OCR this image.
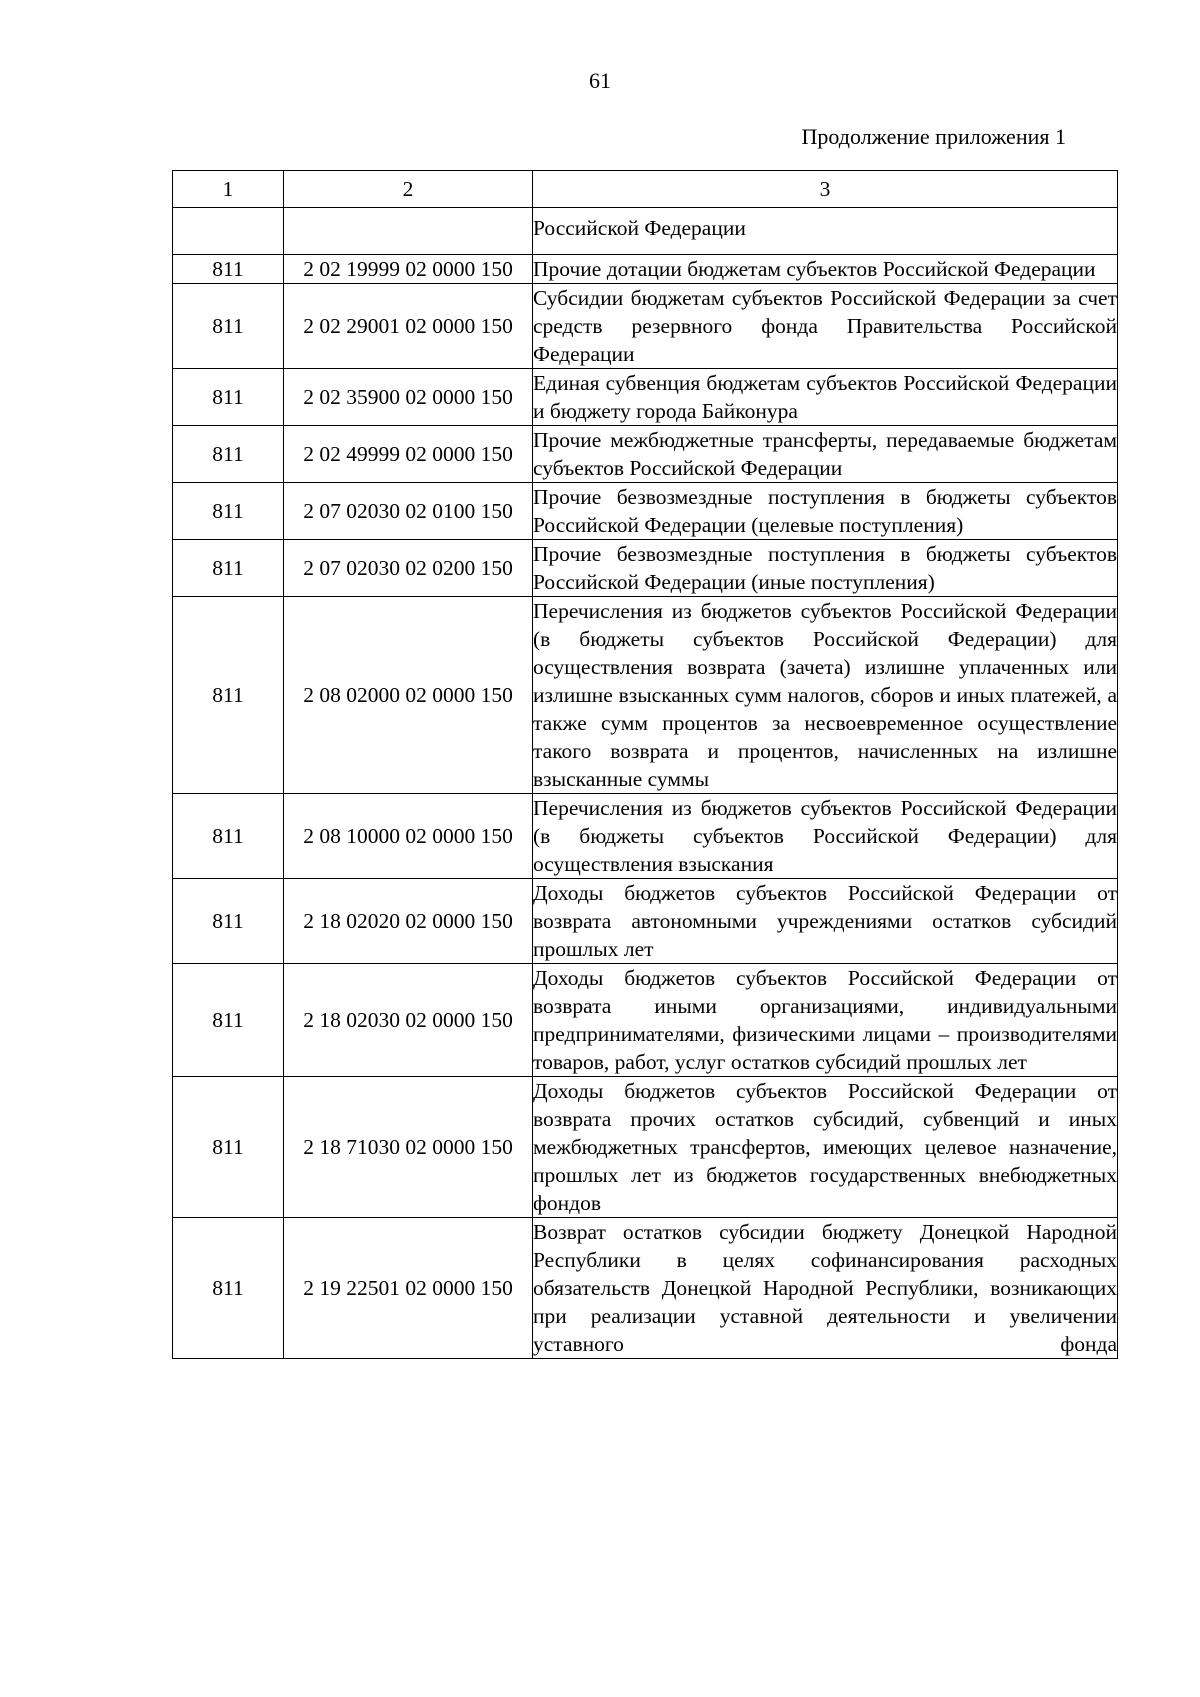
61
Продолжение приложения 1
1	2	3
		Российской Федерации
811	2 02 19999 02 0000 150	Прочие дотации бюджетам субъектов Российской Федерации
811	2 02 29001 02 0000 150	Субсидии бюджетам субъектов Российской Федерации за счет средств резервного фонда Правительства Российской Федерации
811	2 02 35900 02 0000 150	Единая субвенция бюджетам субъектов Российской Федерации и бюджету города Байконура
811	2 02 49999 02 0000 150	Прочие межбюджетные трансферты, передаваемые бюджетам субъектов Российской Федерации
811	2 07 02030 02 0100 150	Прочие безвозмездные поступления в бюджеты субъектов Российской Федерации (целевые поступления)
811	2 07 02030 02 0200 150	Прочие безвозмездные поступления в бюджеты субъектов Российской Федерации (иные поступления)
811	2 08 02000 02 0000 150	Перечисления из бюджетов субъектов Российской Федерации (в бюджеты субъектов Российской Федерации) для осуществления возврата (зачета) излишне уплаченных или излишне взысканных сумм налогов, сборов и иных платежей, а также сумм процентов за несвоевременное осуществление такого возврата и процентов, начисленных на излишне взысканные суммы
811	2 08 10000 02 0000 150	Перечисления из бюджетов субъектов Российской Федерации (в бюджеты субъектов Российской Федерации) для осуществления взыскания
811	2 18 02020 02 0000 150	Доходы бюджетов субъектов Российской Федерации от возврата автономными учреждениями остатков субсидий прошлых лет
811	2 18 02030 02 0000 150	Доходы бюджетов субъектов Российской Федерации от возврата иными организациями, индивидуальными предпринимателями, физическими лицами – производителями товаров, работ, услуг остатков субсидий прошлых лет
811	2 18 71030 02 0000 150	Доходы бюджетов субъектов Российской Федерации от возврата прочих остатков субсидий, субвенций и иных межбюджетных трансфертов, имеющих целевое назначение, прошлых лет из бюджетов государственных внебюджетных фондов
811	2 19 22501 02 0000 150	Возврат остатков субсидии бюджету Донецкой Народной Республики в целях софинансирования расходных обязательств Донецкой Народной Республики, возникающих при реализации уставной деятельности и увеличении уставного фонда
